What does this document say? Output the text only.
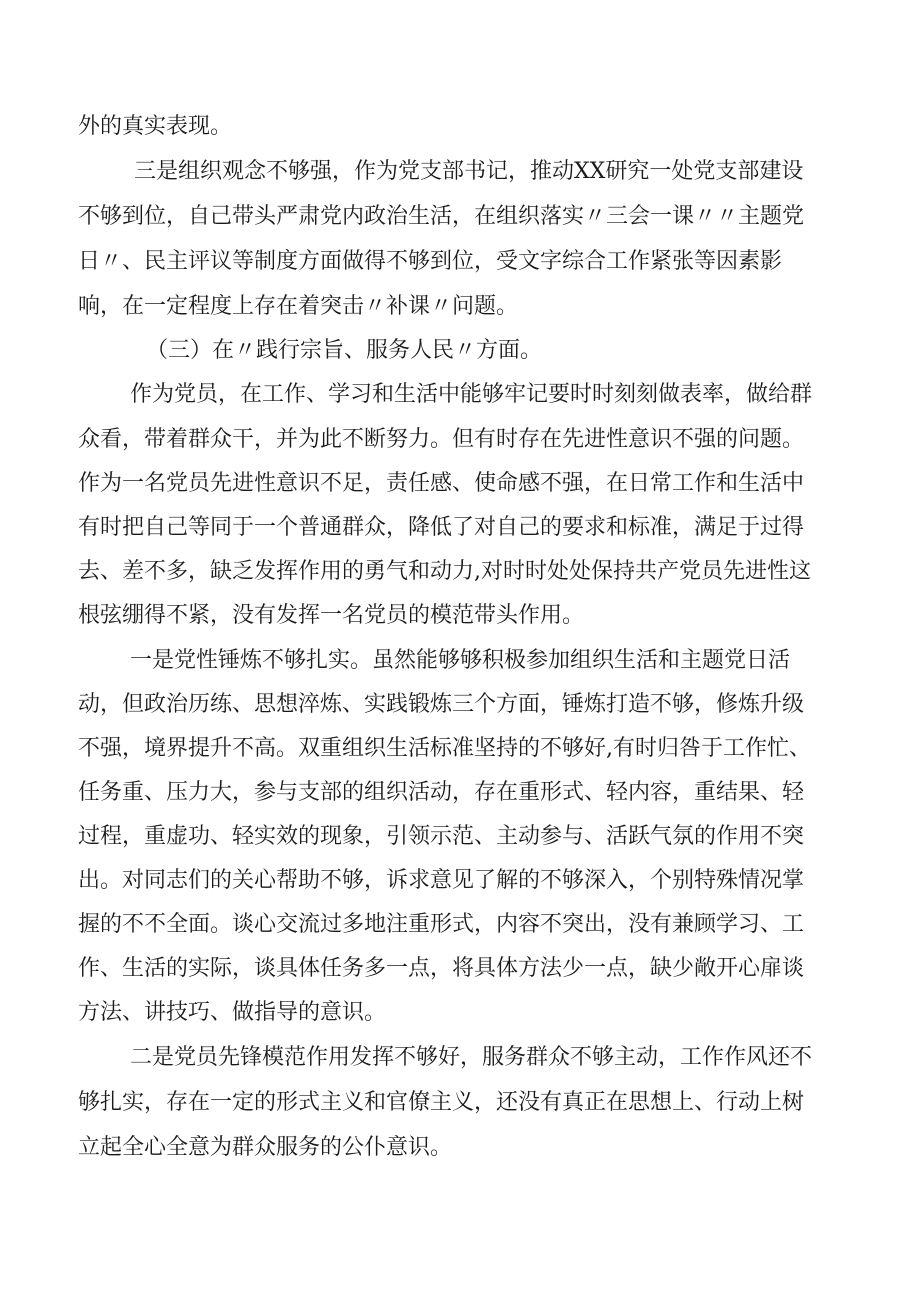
外的真实表现。
三是组织观念不够强，作为党支部书记，推动XX研究一处党支部建设
不够到位，自己带头严肃党内政治生活，在组织落实〃三会一课〃〃主题党
日〃、民主评议等制度方面做得不够到位，受文字综合工作紧张等因素影
响，在一定程度上存在着突击〃补课〃问题。
（三）在〃践行宗旨、服务人民〃方面。
作为党员，在工作、学习和生活中能够牢记要时时刻刻做表率，做给群
众看，带着群众干，并为此不断努力。但有时存在先进性意识不强的问题。
作为一名党员先进性意识不足，责任感、使命感不强，在日常工作和生活中
有时把自己等同于一个普通群众，降低了对自己的要求和标准，满足于过得
去、差不多，缺乏发挥作用的勇气和动力,对时时处处保持共产党员先进性这
根弦绷得不紧，没有发挥一名党员的模范带头作用。
一是党性锤炼不够扎实。虽然能够够积极参加组织生活和主题党日活
动，但政治历练、思想淬炼、实践锻炼三个方面，锤炼打造不够，修炼升级
不强，境界提升不高。双重组织生活标准坚持的不够好,有时归咎于工作忙、
任务重、压力大，参与支部的组织活动，存在重形式、轻内容，重结果、轻
过程，重虚功、轻实效的现象，引领示范、主动参与、活跃气氛的作用不突
出。对同志们的关心帮助不够，诉求意见了解的不够深入，个别特殊情况掌
握的不不全面。谈心交流过多地注重形式，内容不突出，没有兼顾学习、工
作、生活的实际，谈具体任务多一点，将具体方法少一点，缺少敞开心扉谈
方法、讲技巧、做指导的意识。
二是党员先锋模范作用发挥不够好，服务群众不够主动，工作作风还不
够扎实，存在一定的形式主义和官僚主义，还没有真正在思想上、行动上树
立起全心全意为群众服务的公仆意识。
